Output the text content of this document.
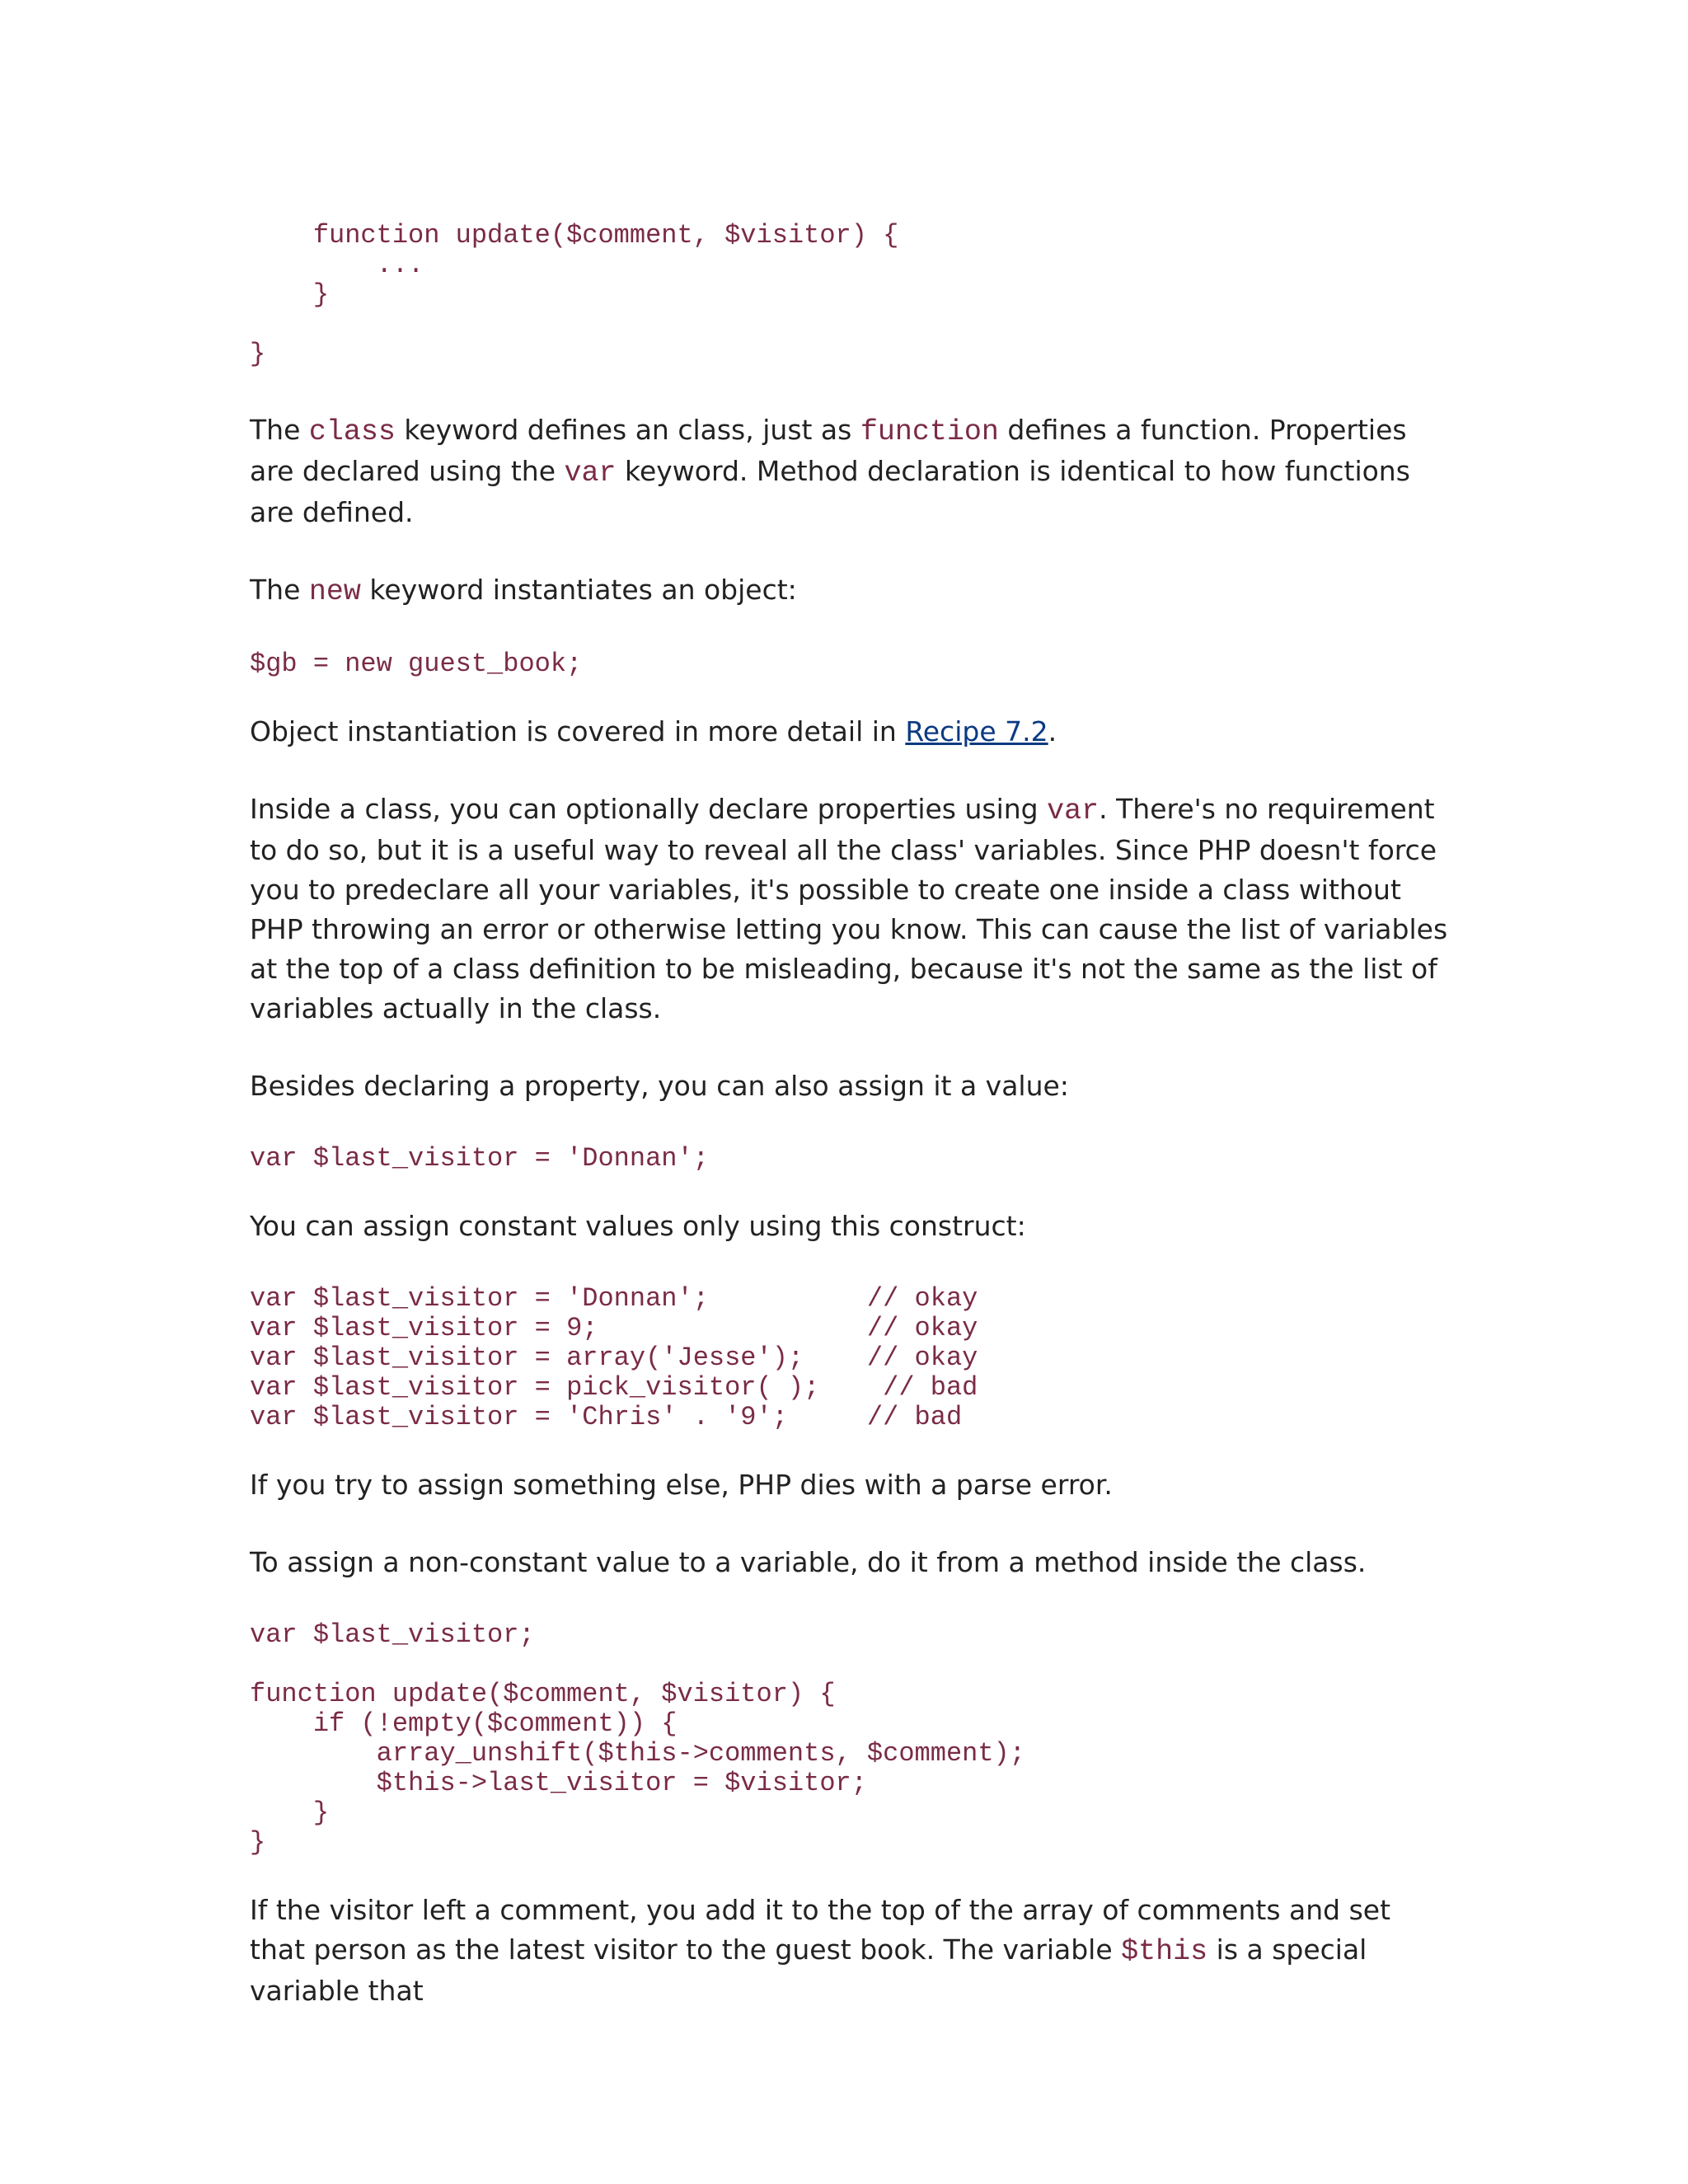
function update($comment, $visitor) {
...
}

}

The class keyword defines an class, just as function defines a function. Properties are declared using the var keyword. Method declaration is identical to how functions are defined.

The new keyword instantiates an object:

$gb = new guest_book;

Object instantiation is covered in more detail in Recipe 7.2.

Inside a class, you can optionally declare properties using var. There's no requirement to do so, but it is a useful way to reveal all the class' variables. Since PHP doesn't force you to predeclare all your variables, it's possible to create one inside a class without PHP throwing an error or otherwise letting you know. This can cause the list of variables at the top of a class definition to be misleading, because it's not the same as the list of variables actually in the class.

Besides declaring a property, you can also assign it a value:

var $last_visitor = 'Donnan';

You can assign constant values only using this construct:

var $last_visitor = 'Donnan';          // okay
var $last_visitor = 9;                 // okay
var $last_visitor = array('Jesse');    // okay
var $last_visitor = pick_visitor( );    // bad
var $last_visitor = 'Chris' . '9';     // bad

If you try to assign something else, PHP dies with a parse error.

To assign a non-constant value to a variable, do it from a method inside the class.

var $last_visitor;

function update($comment, $visitor) {
if (!empty($comment)) {
array_unshift($this->comments, $comment);
$this->last_visitor = $visitor;
}
}

If the visitor left a comment, you add it to the top of the array of comments and set that person as the latest visitor to the guest book. The variable $this is a special variable that
